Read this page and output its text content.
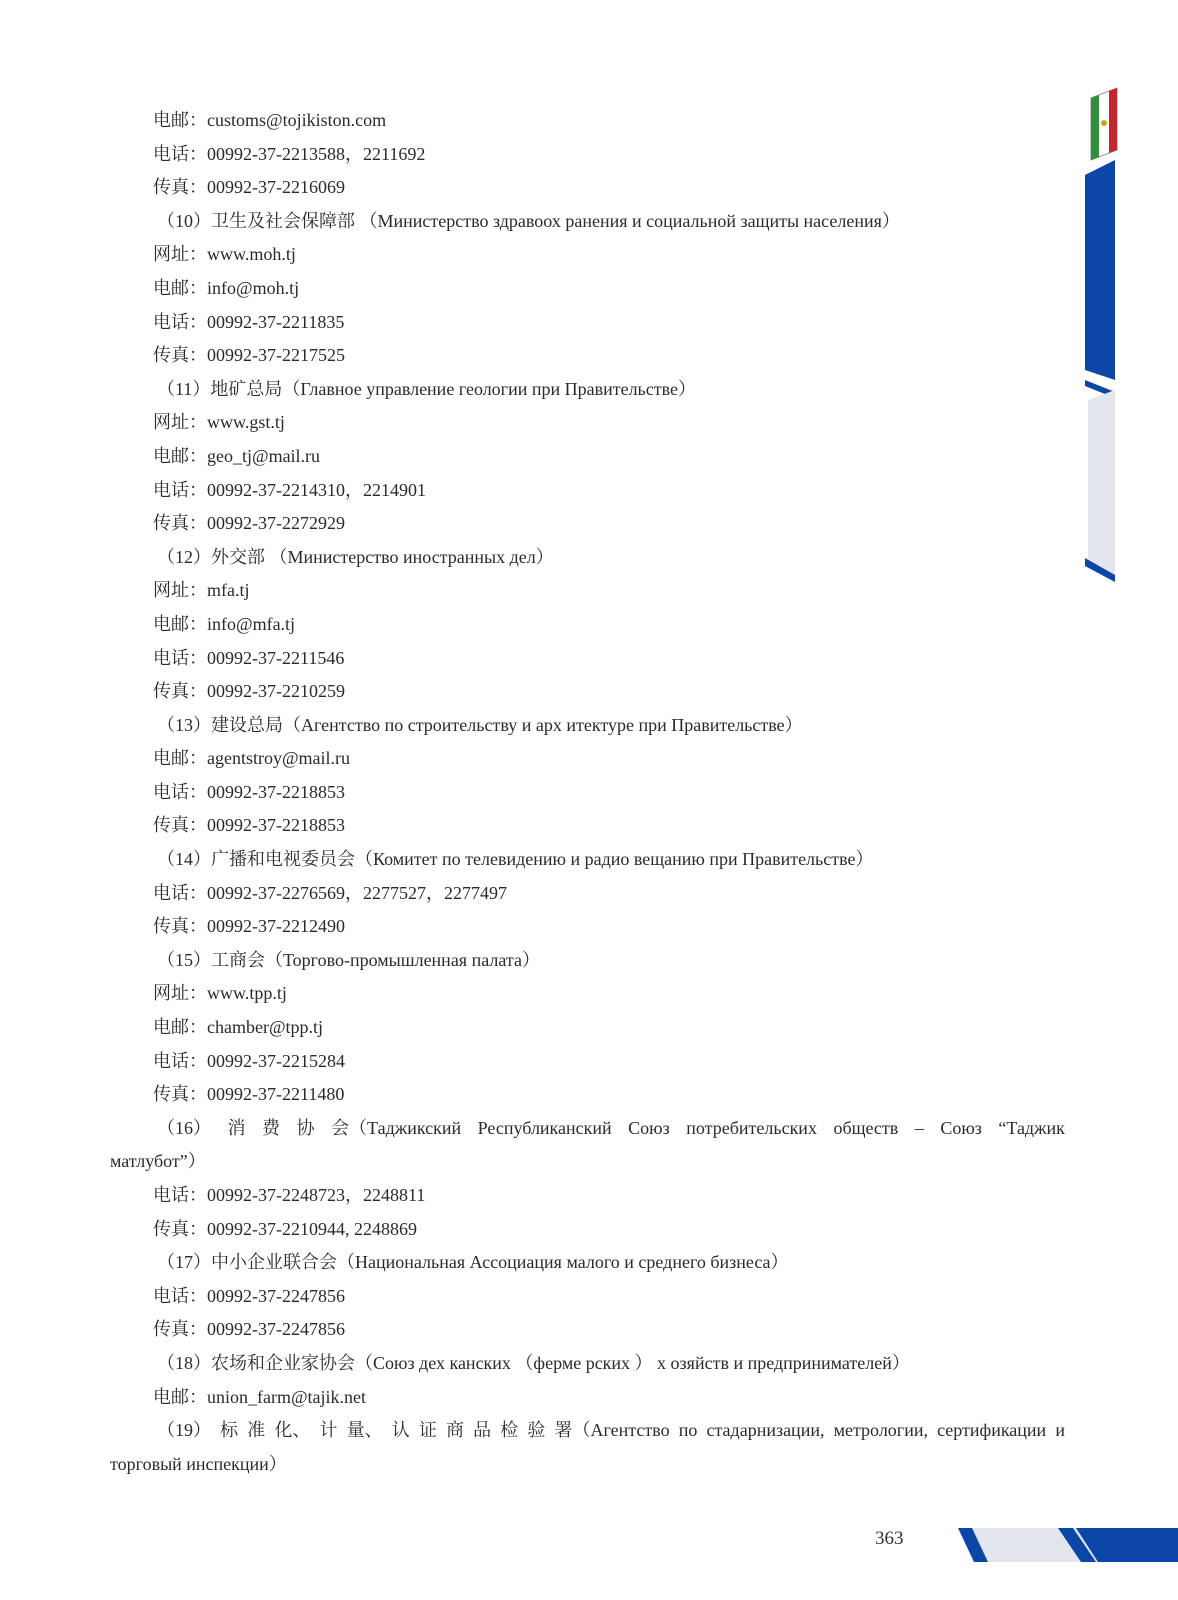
电邮：customs@tojikiston.com
电话：00992-37-2213588，2211692
传真：00992-37-2216069
（10）卫生及社会保障部 （Министерство здравоох ранения и социальной защиты населения）
网址：www.moh.tj
电邮：info@moh.tj
电话：00992-37-2211835
传真：00992-37-2217525
（11）地矿总局（Главное управление геологии при Правительстве）
网址：www.gst.tj
电邮：geo_tj@mail.ru
电话：00992-37-2214310，2214901
传真：00992-37-2272929
（12）外交部 （Министерство иностранных дел）
网址：mfa.tj
电邮：info@mfa.tj
电话：00992-37-2211546
传真：00992-37-2210259
（13）建设总局（Агентство по строительству и арх итектуре при Правительстве）
电邮：agentstroy@mail.ru
电话：00992-37-2218853
传真：00992-37-2218853
（14）广播和电视委员会（Комитет по телевидению и радио вещанию при Правительстве）
电话：00992-37-2276569，2277527，2277497
传真：00992-37-2212490
（15）工商会（Торгово-промышленная палата）
网址：www.tpp.tj
电邮：chamber@tpp.tj
电话：00992-37-2215284
传真：00992-37-2211480
（16） 消 费 协 会（Таджикский Республиканский Союз потребительских обществ – Союз “Таджик
матлубот”）
电话：00992-37-2248723，2248811
传真：00992-37-2210944, 2248869
（17）中小企业联合会（Национальная Ассоциация малого и среднего бизнеса）
电话：00992-37-2247856
传真：00992-37-2247856
（18）农场和企业家协会（Союз дех канских （ферме рских ） х озяйств и предпринимателей）
电邮：union_farm@tajik.net
（19） 标 准 化、 计 量、 认 证 商 品 检 验 署（Агентство по стадарнизации, метрологии, сертификации и
торговый инспекции）
363
